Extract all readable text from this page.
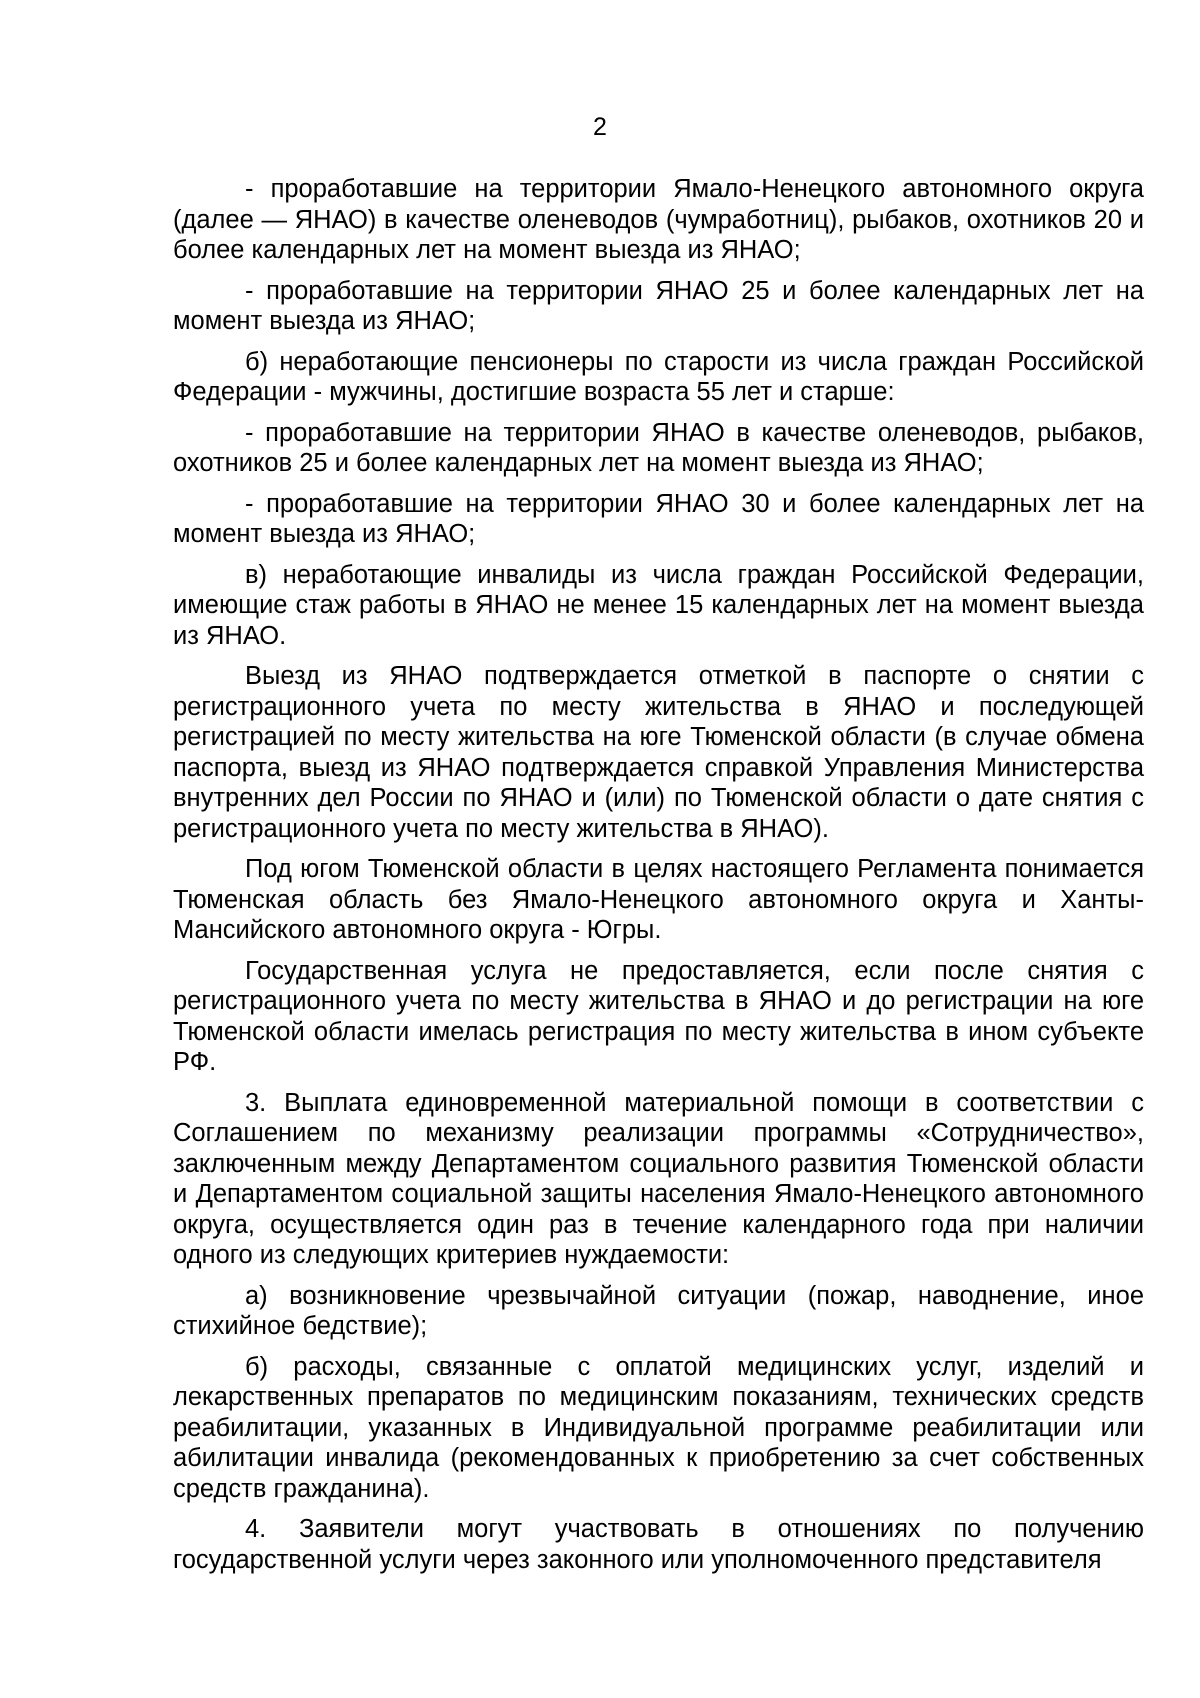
2

- проработавшие на территории Ямало-Ненецкого автономного округа (далее — ЯНАО) в качестве оленеводов (чумработниц), рыбаков, охотников 20 и более календарных лет на момент выезда из ЯНАО;

- проработавшие на территории ЯНАО 25 и более календарных лет на момент выезда из ЯНАО;

б) неработающие пенсионеры по старости из числа граждан Российской Федерации - мужчины, достигшие возраста 55 лет и старше:

- проработавшие на территории ЯНАО в качестве оленеводов, рыбаков, охотников 25 и более календарных лет на момент выезда из ЯНАО;

- проработавшие на территории ЯНАО 30 и более календарных лет на момент выезда из ЯНАО;

в) неработающие инвалиды из числа граждан Российской Федерации, имеющие стаж работы в ЯНАО не менее 15 календарных лет на момент выезда из ЯНАО.

Выезд из ЯНАО подтверждается отметкой в паспорте о снятии с регистрационного учета по месту жительства в ЯНАО и последующей регистрацией по месту жительства на юге Тюменской области (в случае обмена паспорта, выезд из ЯНАО подтверждается справкой Управления Министерства внутренних дел России по ЯНАО и (или) по Тюменской области о дате снятия с регистрационного учета по месту жительства в ЯНАО).

Под югом Тюменской области в целях настоящего Регламента понимается Тюменская область без Ямало-Ненецкого автономного округа и Ханты-Мансийского автономного округа - Югры.

Государственная услуга не предоставляется, если после снятия с регистрационного учета по месту жительства в ЯНАО и до регистрации на юге Тюменской области имелась регистрация по месту жительства в ином субъекте РФ.

3. Выплата единовременной материальной помощи в соответствии с Соглашением по механизму реализации программы «Сотрудничество», заключенным между Департаментом социального развития Тюменской области и Департаментом социальной защиты населения Ямало-Ненецкого автономного округа, осуществляется один раз в течение календарного года при наличии одного из следующих критериев нуждаемости:

а) возникновение чрезвычайной ситуации (пожар, наводнение, иное стихийное бедствие);

б) расходы, связанные с оплатой медицинских услуг, изделий и лекарственных препаратов по медицинским показаниям, технических средств реабилитации, указанных в Индивидуальной программе реабилитации или абилитации инвалида (рекомендованных к приобретению за счет собственных средств гражданина).

4. Заявители могут участвовать в отношениях по получению государственной услуги через законного или уполномоченного представителя
